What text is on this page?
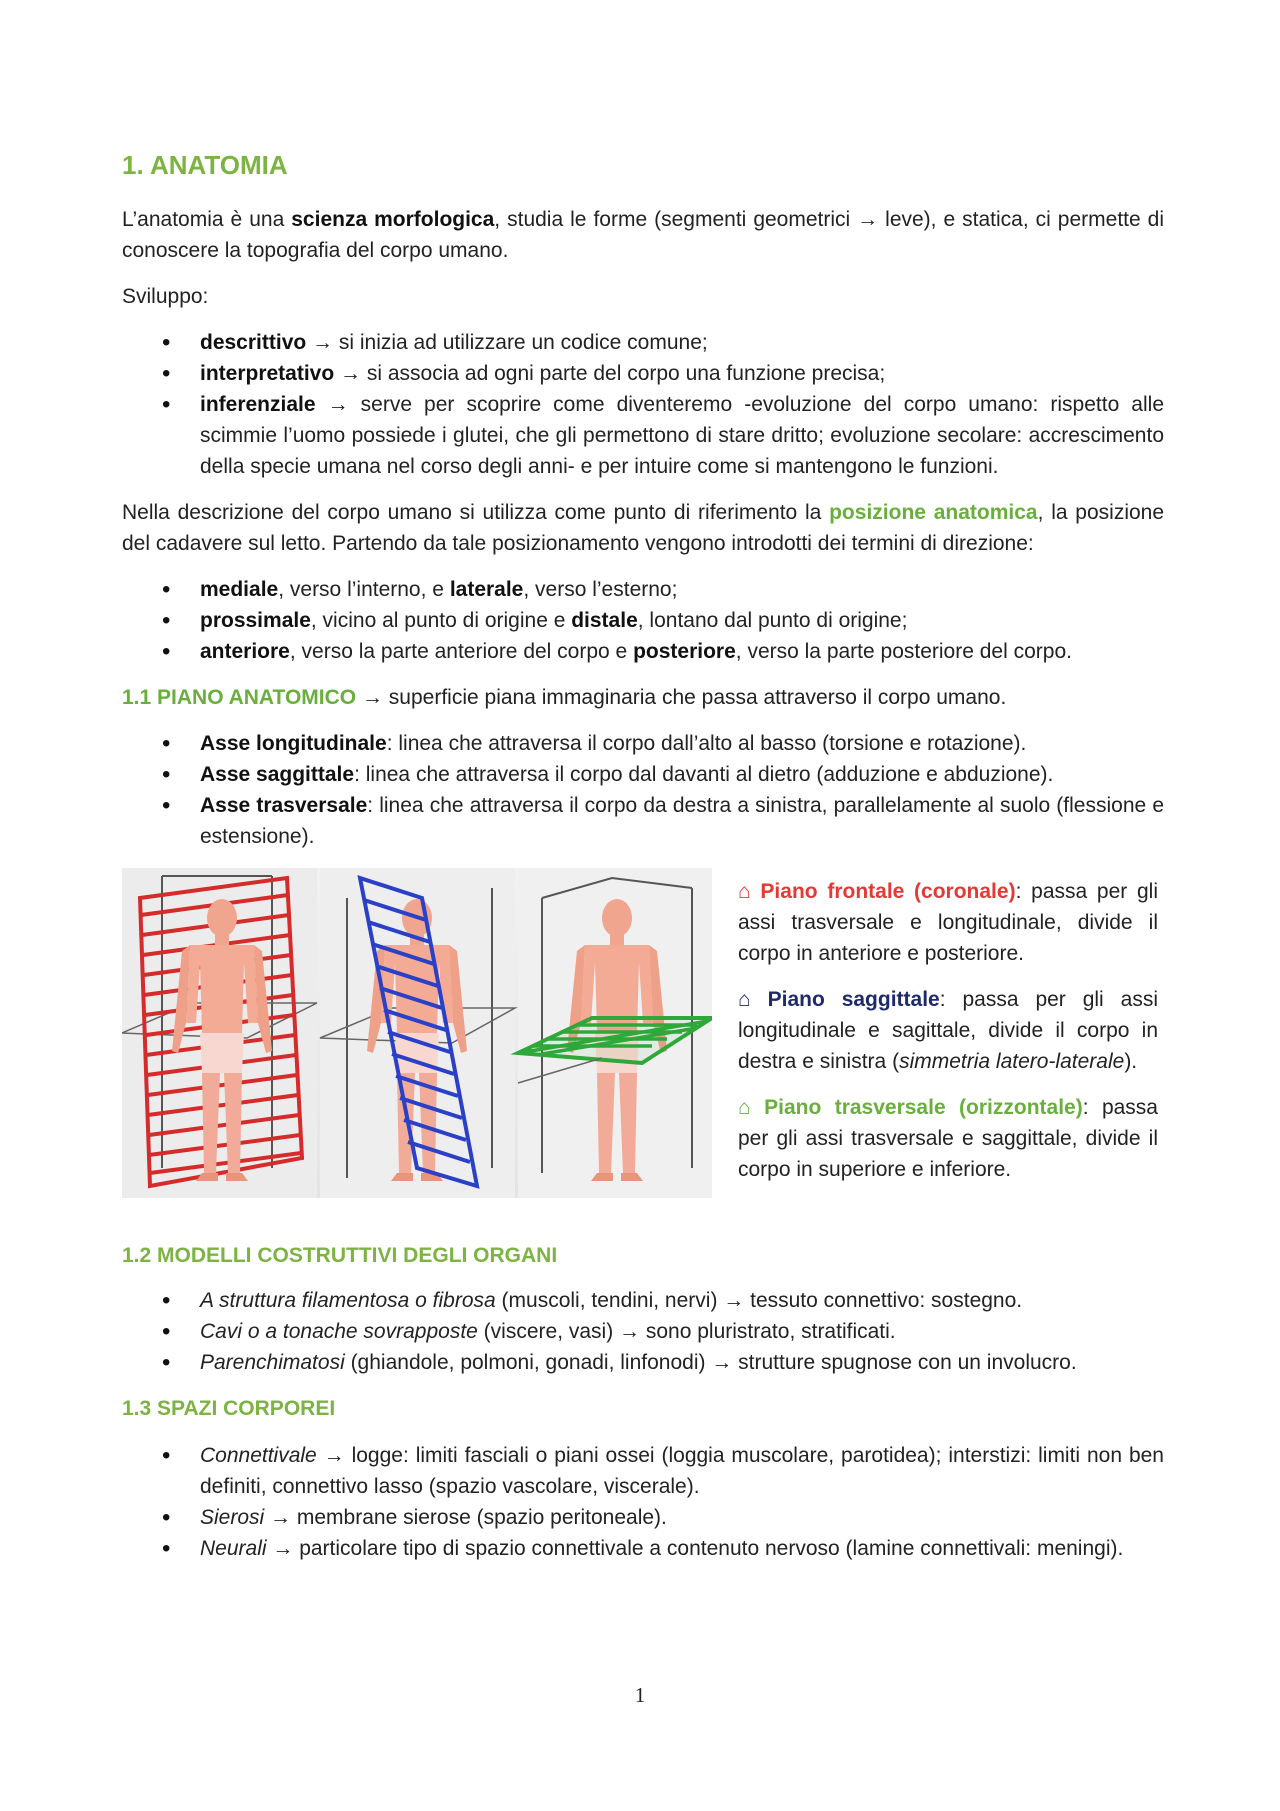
1. ANATOMIA

L’anatomia è una scienza morfologica, studia le forme (segmenti geometrici → leve), e statica, ci permette di conoscere la topografia del corpo umano.

Sviluppo:

• descrittivo → si inizia ad utilizzare un codice comune;
• interpretativo → si associa ad ogni parte del corpo una funzione precisa;
• inferenziale → serve per scoprire come diventeremo -evoluzione del corpo umano: rispetto alle scimmie l’uomo possiede i glutei, che gli permettono di stare dritto; evoluzione secolare: accrescimento della specie umana nel corso degli anni- e per intuire come si mantengono le funzioni.

Nella descrizione del corpo umano si utilizza come punto di riferimento la posizione anatomica, la posizione del cadavere sul letto. Partendo da tale posizionamento vengono introdotti dei termini di direzione:

• mediale, verso l’interno, e laterale, verso l’esterno;
• prossimale, vicino al punto di origine e distale, lontano dal punto di origine;
• anteriore, verso la parte anteriore del corpo e posteriore, verso la parte posteriore del corpo.

1.1 PIANO ANATOMICO → superficie piana immaginaria che passa attraverso il corpo umano.

• Asse longitudinale: linea che attraversa il corpo dall’alto al basso (torsione e rotazione).
• Asse saggittale: linea che attraversa il corpo dal davanti al dietro (adduzione e abduzione).
• Asse trasversale: linea che attraversa il corpo da destra a sinistra, parallelamente al suolo (flessione e estensione).

⌂ Piano frontale (coronale): passa per gli assi trasversale e longitudinale, divide il corpo in anteriore e posteriore.

⌂ Piano saggittale: passa per gli assi longitudinale e sagittale, divide il corpo in destra e sinistra (simmetria latero-laterale).

⌂ Piano trasversale (orizzontale): passa per gli assi trasversale e saggittale, divide il corpo in superiore e inferiore.

1.2 MODELLI COSTRUTTIVI DEGLI ORGANI
• A struttura filamentosa o fibrosa (muscoli, tendini, nervi) → tessuto connettivo: sostegno.
• Cavi o a tonache sovrapposte (viscere, vasi) → sono pluristrato, stratificati.
• Parenchimatosi (ghiandole, polmoni, gonadi, linfonodi) → strutture spugnose con un involucro.
1.3 SPAZI CORPOREI
• Connettivale → logge: limiti fasciali o piani ossei (loggia muscolare, parotidea); interstizi: limiti non ben definiti, connettivo lasso (spazio vascolare, viscerale).
• Sierosi → membrane sierose (spazio peritoneale).
• Neurali → particolare tipo di spazio connettivale a contenuto nervoso (lamine connettivali: meningi).
1
